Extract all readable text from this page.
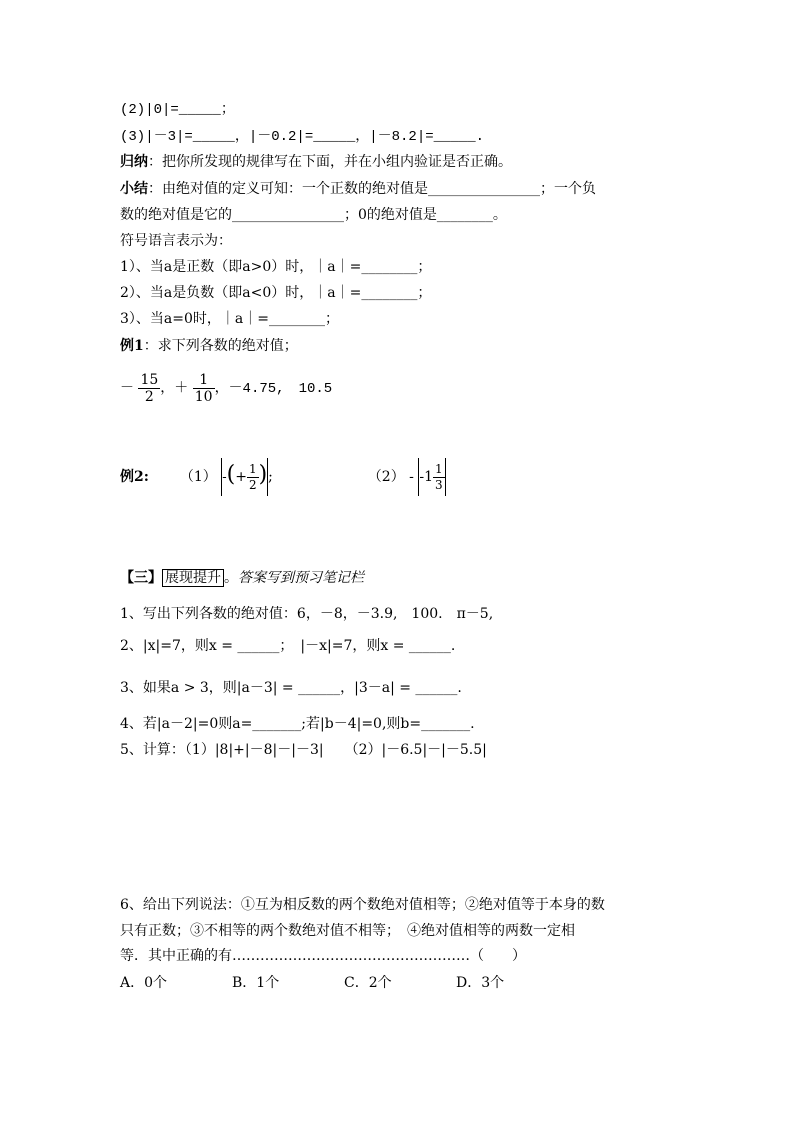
(2)|0|=_____；
(3)|－3|=_____，|－0.2|=_____，|－8.2|=_____.
归纳：把你所发现的规律写在下面，并在小组内验证是否正确。
小结：由绝对值的定义可知：一个正数的绝对值是________________；一个负
数的绝对值是它的________________；0的绝对值是________。
符号语言表示为：
1）、当a是正数（即a>0）时，｜a｜=________；
2）、当a是负数（即a<0）时，｜a｜=________；
3）、当a=0时，｜a｜=________；
例1：求下列各数的绝对值；
－ $\frac{15}{2}$ ，＋ $\frac{1}{10}$ ，－4.75,　10.5
例2: （1） -(+ $\frac{1}{2}$ );	$(2) - -1 \frac{1}{3}$
【三】 展现提升 。答案写到预习笔记栏
1、写出下列各数的绝对值：6，－8，－3.9,　100.　π－5,
2、|x|=7，则x = ______；　|－x|=7，则x = ______.
3、如果a > 3，则|a－3| = ______，|3－a| = ______.
4、若|a－2|=0则a=_______;若|b－4|=0,则b=_______.
5、计算：（1）|8|+|－8|－|－3|　　（2）|－6.5|－|－5.5|
6、给出下列说法：①互为相反数的两个数绝对值相等；②绝对值等于本身的数
只有正数；③不相等的两个数绝对值不相等；　④绝对值相等的两数一定相
等．其中正确的有……………………………………………（　　）
A．0个	B．1个	C．2个	D．3个
